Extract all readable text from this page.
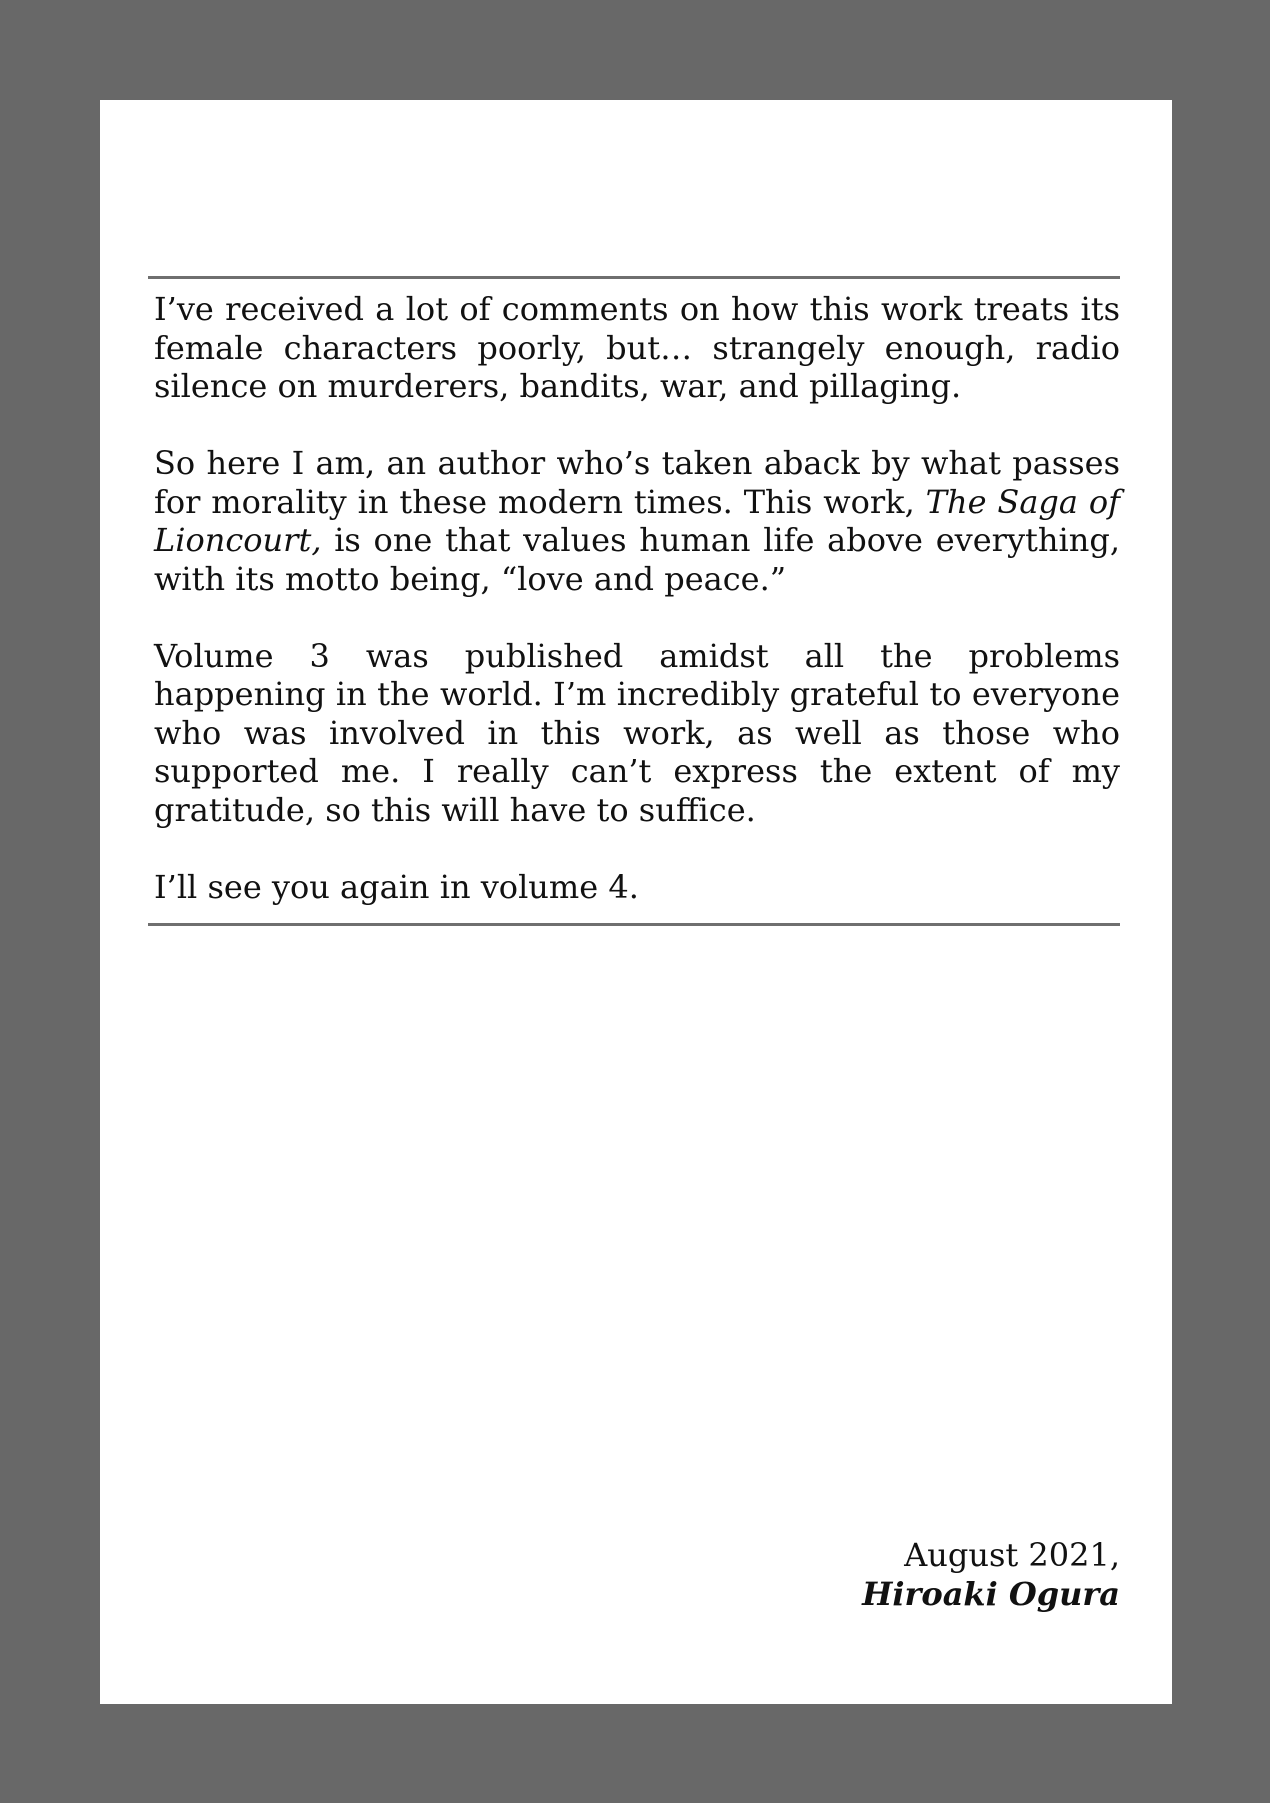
I’ve received a lot of comments on how this work treats its female characters poorly, but… strangely enough, radio silence on murderers, bandits, war, and pillaging.

So here I am, an author who’s taken aback by what passes for morality in these modern times. This work, The Saga of Lioncourt, is one that values human life above everything, with its motto being, “love and peace.”

Volume 3 was published amidst all the problems happening in the world. I’m incredibly grateful to everyone who was involved in this work, as well as those who supported me. I really can’t express the extent of my gratitude, so this will have to suffice.

I’ll see you again in volume 4.

August 2021,
Hiroaki Ogura
